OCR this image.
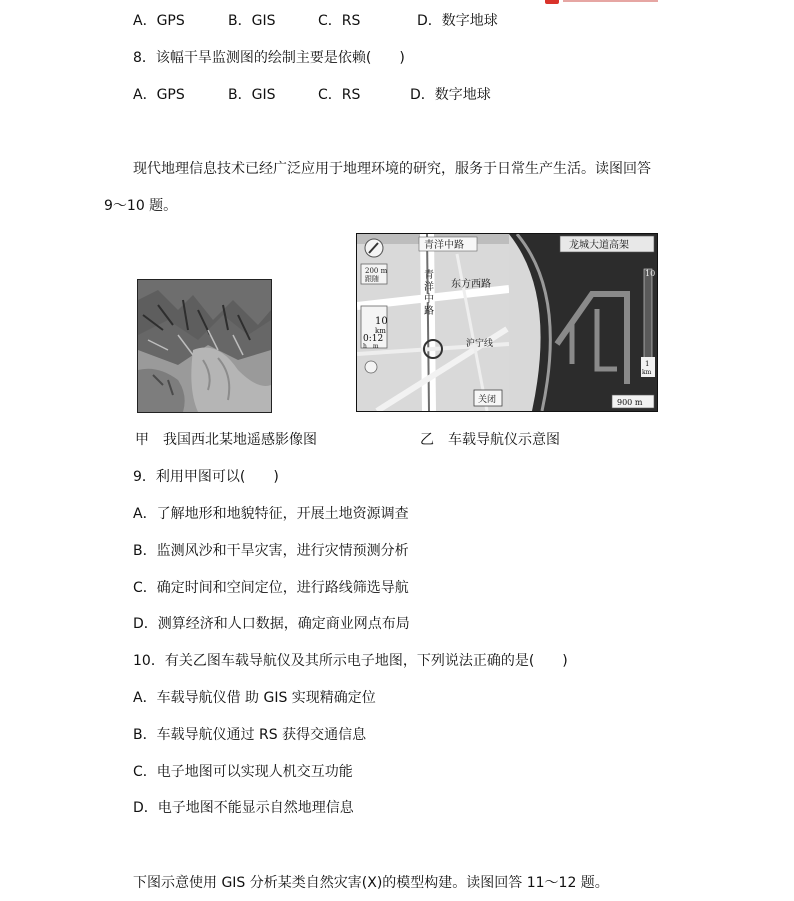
A．GPS	B．GIS	C．RS	D．数字地球
8．该幅干旱监测图的绘制主要是依赖(　　)
A．GPS	B．GIS	C．RS	D．数字地球
现代地理信息技术已经广泛应用于地理环境的研究，服务于日常生产生活。读图回答
9～10 题。
200 m
跟随
10
km
0:12
h　m
青洋中路
青
洋
中
路
东方西路
沪宁线
关闭
龙城大道高架
10
1
km
900 m
甲　我国西北某地遥感影像图	乙　车载导航仪示意图
9．利用甲图可以(　　)
A．了解地形和地貌特征，开展土地资源调查
B．监测风沙和干旱灾害，进行灾情预测分析
C．确定时间和空间定位，进行路线筛选导航
D．测算经济和人口数据，确定商业网点布局
10．有关乙图车载导航仪及其所示电子地图，下列说法正确的是(　　)
A．车载导航仪借 助 GIS 实现精确定位
B．车载导航仪通过 RS 获得交通信息
C．电子地图可以实现人机交互功能
D．电子地图不能显示自然地理信息
下图示意使用 GIS 分析某类自然灾害(X)的模型构建。读图回答 11～12 题。
